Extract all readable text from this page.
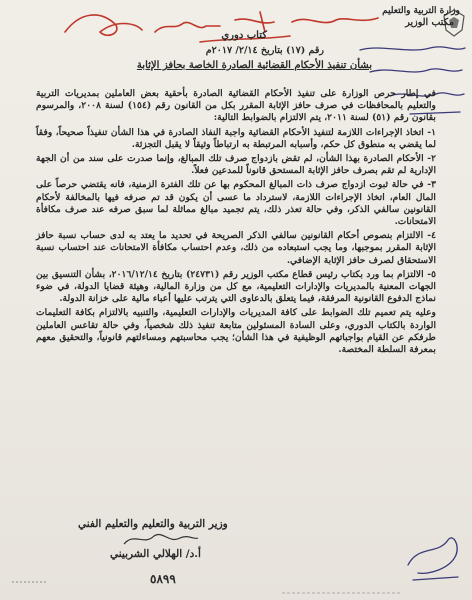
وزارة التربية والتعليم
مكتب الوزير
كتاب دوري
رقم (١٧) بتاريخ ٢/١٤/ ٢٠١٧م
بشأن تنفيذ الأحكام القضائية الصادرة الخاصة بحافز الإثابة

في إطار حرص الوزارة على تنفيذ الأحكام القضائية الصادرة بأحقية بعض العاملين بمديريات التربية والتعليم بالمحافظات في صرف حافز الإثابة المقرر بكل من القانون رقم (١٥٤) لسنة ٢٠٠٨، والمرسوم بقانون رقم (٥١) لسنة ٢٠١١، يتم الالتزام بالضوابط التالية:

١- اتخاذ الإجراءات اللازمة لتنفيذ الأحكام القضائية واجبة النفاذ الصادرة في هذا الشأن تنفيذاً صحيحاً، وفقاً لما يقضي به منطوق كل حكم، وأسبابه المرتبطة به ارتباطاً وثيقاً لا يقبل التجزئة.

٢- الأحكام الصادرة بهذا الشأن، لم تقض بازدواج صرف تلك المبالغ، وإنما صدرت على سند من أن الجهة الإدارية لم تقم بصرف حافز الإثابة المستحق قانوناً للمدعين فعلاً.

٣- في حالة ثبوت ازدواج صرف ذات المبالغ المحكوم بها عن تلك الفترة الزمنية، فانه يقتضي حرصاً على المال العام، اتخاذ الإجراءات اللازمة، لاسترداد ما عسى أن يكون قد تم صرفه فيها بالمخالفة لأحكام القانونين سالفي الذكر، وفي حالة تعذر ذلك، يتم تجميد مبالغ مماثلة لما سبق صرفه عند صرف مكافأة الامتحانات.

٤- الالتزام بنصوص أحكام القانونين سالفي الذكر الصريحة في تحديد ما يعتد به لدى حساب نسبة حافز الإثابة المقرر بموجبها، وما يجب استبعاده من ذلك، وعدم احتساب مكافأة الامتحانات عند احتساب نسبة الاستحقاق لصرف حافز الإثابة الإضافي.

٥- الالتزام بما ورد بكتاب رئيس قطاع مكتب الوزير رقم (٢٤٧٣١) بتاريخ ٢٠١٦/١٢/١٤، بشأن التنسيق بين الجهات المعنية بالمديريات والإدارات التعليمية، مع كل من وزارة المالية، وهيئة قضايا الدولة، في ضوء نماذج الدفوع القانونية المرفقة، فيما يتعلق بالدعاوى التي يترتب عليها أعباء مالية على خزانة الدولة.

وعليه يتم تعميم تلك الضوابط على كافة المديريات والإدارات التعليمية، والتنبيه بالالتزام بكافة التعليمات الواردة بالكتاب الدوري، وعلى السادة المسئولين متابعة تنفيذ ذلك شخصياً، وفي حالة تقاعس العاملين طرفكم عن القيام بواجباتهم الوظيفية في هذا الشأن؛ يجب محاسبتهم ومساءلتهم قانونياً، والتحقيق معهم بمعرفة السلطة المختصة.

وزير التربية والتعليم والتعليم الفني
أ.د/ الهلالي الشربيني
٥٨٩٩
